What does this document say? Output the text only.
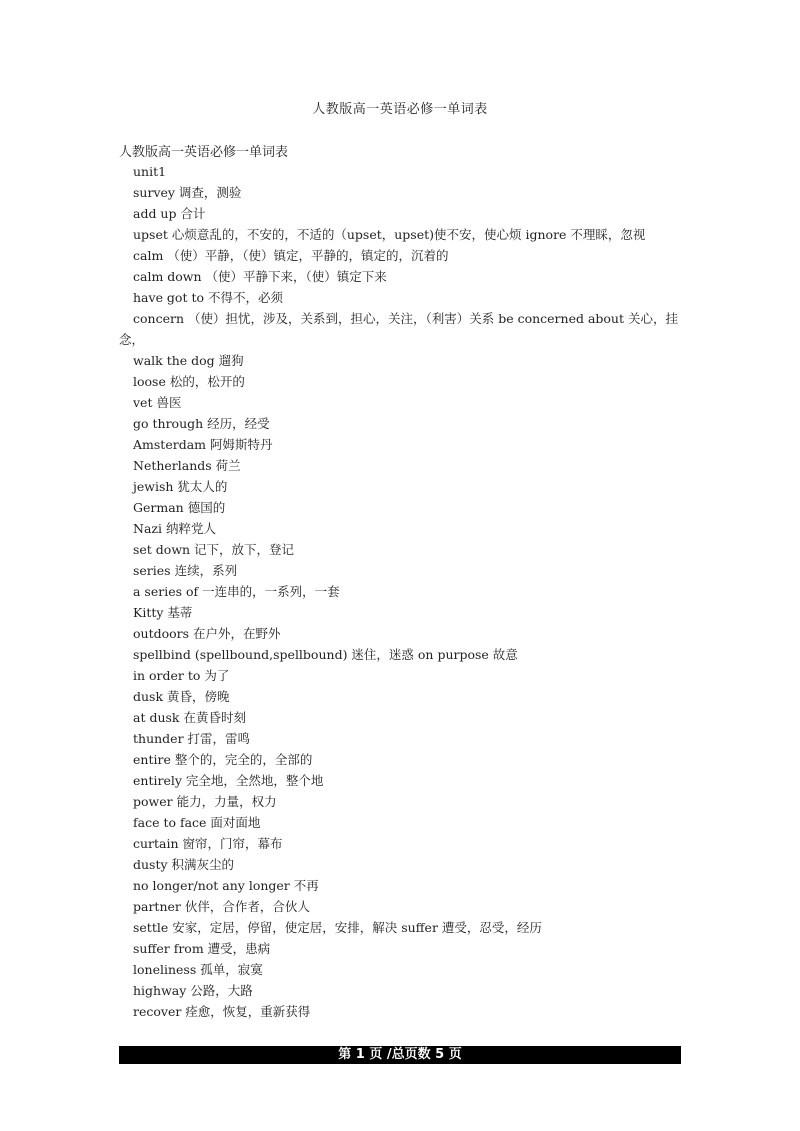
人教版高一英语必修一单词表
人教版高一英语必修一单词表
unit1
survey 调查，测验
add up 合计
upset 心烦意乱的，不安的，不适的（upset，upset)使不安，使心烦 ignore 不理睬，忽视
calm （使）平静，（使）镇定，平静的，镇定的，沉着的
calm down （使）平静下来，（使）镇定下来
have got to 不得不，必须
concern （使）担忧，涉及，关系到，担心，关注，（利害）关系 be concerned about 关心，挂念，
walk the dog 遛狗
loose 松的，松开的
vet 兽医
go through 经历，经受
Amsterdam 阿姆斯特丹
Netherlands 荷兰
jewish 犹太人的
German 德国的
Nazi 纳粹党人
set down 记下，放下，登记
series 连续，系列
a series of 一连串的，一系列，一套
Kitty 基蒂
outdoors 在户外，在野外
spellbind (spellbound,spellbound) 迷住，迷惑 on purpose 故意
in order to 为了
dusk 黄昏，傍晚
at dusk 在黄昏时刻
thunder 打雷，雷鸣
entire 整个的，完全的，全部的
entirely 完全地，全然地，整个地
power 能力，力量，权力
face to face 面对面地
curtain 窗帘，门帘，幕布
dusty 积满灰尘的
no longer/not any longer 不再
partner 伙伴，合作者，合伙人
settle 安家，定居，停留，使定居，安排，解决 suffer 遭受，忍受，经历
suffer from 遭受，患病
loneliness 孤单，寂寞
highway 公路，大路
recover 痊愈，恢复，重新获得
第 1 页 /总页数 5 页
